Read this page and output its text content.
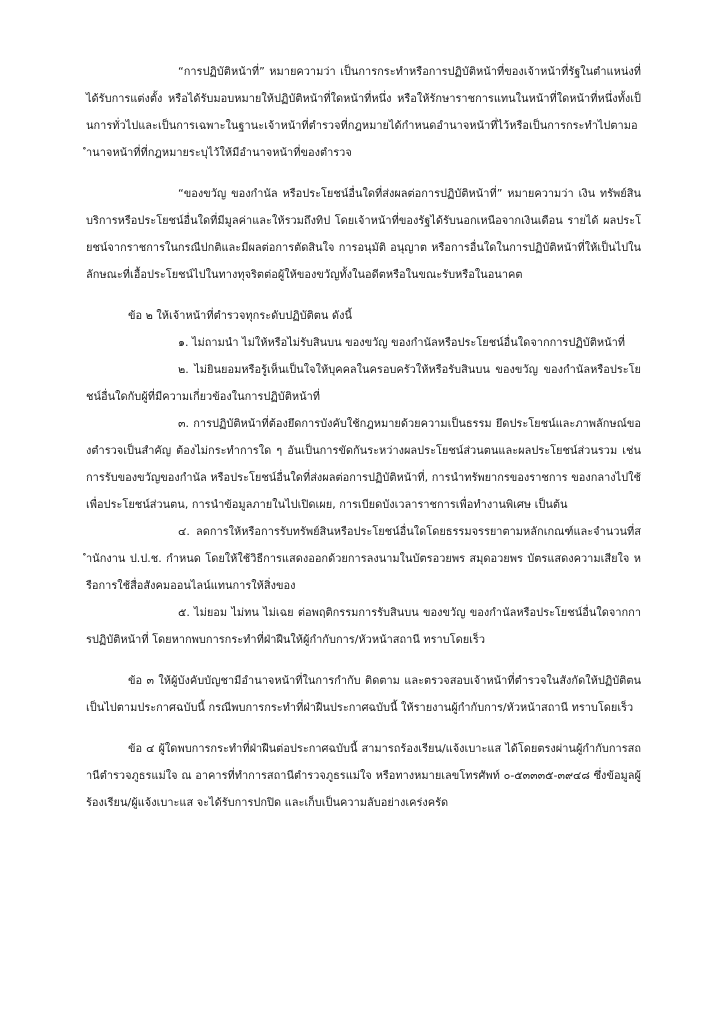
“การปฏิบัติหน้าที่” หมายความว่า เป็นการกระทำหรือการปฏิบัติหน้าที่ของเจ้าหน้าที่รัฐในตำแหน่งที่ได้รับการแต่งตั้ง หรือได้รับมอบหมายให้ปฏิบัติหน้าที่ใดหน้าที่หนึ่ง หรือให้รักษาราชการแทนในหน้าที่ใดหน้าที่หนึ่งทั้งเป็นการทั่วไปและเป็นการเฉพาะในฐานะเจ้าหน้าที่ตำรวจที่กฎหมายได้กำหนดอำนาจหน้าที่ไว้หรือเป็นการกระทำไปตามอำนาจหน้าที่ที่กฎหมายระบุไว้ให้มีอำนาจหน้าที่ของตำรวจ

“ของขวัญ ของกำนัล หรือประโยชน์อื่นใดที่ส่งผลต่อการปฏิบัติหน้าที่” หมายความว่า เงิน ทรัพย์สิน บริการหรือประโยชน์อื่นใดที่มีมูลค่าและให้รวมถึงทิป โดยเจ้าหน้าที่ของรัฐได้รับนอกเหนือจากเงินเดือน รายได้ ผลประโยชน์จากราชการในกรณีปกติและมีผลต่อการตัดสินใจ การอนุมัติ อนุญาต หรือการอื่นใดในการปฏิบัติหน้าที่ให้เป็นไปในลักษณะที่เอื้อประโยชน์ไปในทางทุจริตต่อผู้ให้ของขวัญทั้งในอดีตหรือในขณะรับหรือในอนาคต

ข้อ ๒ ให้เจ้าหน้าที่ตำรวจทุกระดับปฏิบัติตน ดังนี้

๑. ไม่ถามนำ ไม่ให้หรือไม่รับสินบน ของขวัญ ของกำนัลหรือประโยชน์อื่นใดจากการปฏิบัติหน้าที่

๒. ไม่ยินยอมหรือรู้เห็นเป็นใจให้บุคคลในครอบครัวให้หรือรับสินบน ของขวัญ ของกำนัลหรือประโยชน์อื่นใดกับผู้ที่มีความเกี่ยวข้องในการปฏิบัติหน้าที่

๓. การปฏิบัติหน้าที่ต้องยึดการบังคับใช้กฎหมายด้วยความเป็นธรรม ยึดประโยชน์และภาพลักษณ์ของตำรวจเป็นสำคัญ ต้องไม่กระทำการใด ๆ อันเป็นการขัดกันระหว่างผลประโยชน์ส่วนตนและผลประโยชน์ส่วนรวม เช่น การรับของขวัญของกำนัล หรือประโยชน์อื่นใดที่ส่งผลต่อการปฏิบัติหน้าที่, การนำทรัพยากรของราชการ ของกลางไปใช้เพื่อประโยชน์ส่วนตน, การนำข้อมูลภายในไปเปิดเผย, การเบียดบังเวลาราชการเพื่อทำงานพิเศษ เป็นต้น

๔. ลดการให้หรือการรับทรัพย์สินหรือประโยชน์อื่นใดโดยธรรมจรรยาตามหลักเกณฑ์และจำนวนที่สำนักงาน ป.ป.ช. กำหนด โดยให้ใช้วิธีการแสดงออกด้วยการลงนามในบัตรอวยพร สมุดอวยพร บัตรแสดงความเสียใจ หรือการใช้สื่อสังคมออนไลน์แทนการให้สิ่งของ

๕. ไม่ยอม ไม่ทน ไม่เฉย ต่อพฤติกรรมการรับสินบน ของขวัญ ของกำนัลหรือประโยชน์อื่นใดจากการปฏิบัติหน้าที่ โดยหากพบการกระทำที่ฝ่าฝืนให้ผู้กำกับการ/หัวหน้าสถานี ทราบโดยเร็ว

ข้อ ๓ ให้ผู้บังคับบัญชามีอำนาจหน้าที่ในการกำกับ ติดตาม และตรวจสอบเจ้าหน้าที่ตำรวจในสังกัดให้ปฏิบัติตนเป็นไปตามประกาศฉบับนี้ กรณีพบการกระทำที่ฝ่าฝืนประกาศฉบับนี้ ให้รายงานผู้กำกับการ/หัวหน้าสถานี ทราบโดยเร็ว

ข้อ ๔ ผู้ใดพบการกระทำที่ฝ่าฝืนต่อประกาศฉบับนี้ สามารถร้องเรียน/แจ้งเบาะแส ได้โดยตรงผ่านผู้กำกับการสถานีตำรวจภูธรแม่ใจ ณ อาคารที่ทำการสถานีตำรวจภูธรแม่ใจ หรือทางหมายเลขโทรศัพท์ ๐-๕๓๓๓๕-๓๙๔๘ ซึ่งข้อมูลผู้ร้องเรียน/ผู้แจ้งเบาะแส จะได้รับการปกปิด และเก็บเป็นความลับอย่างเคร่งครัด
